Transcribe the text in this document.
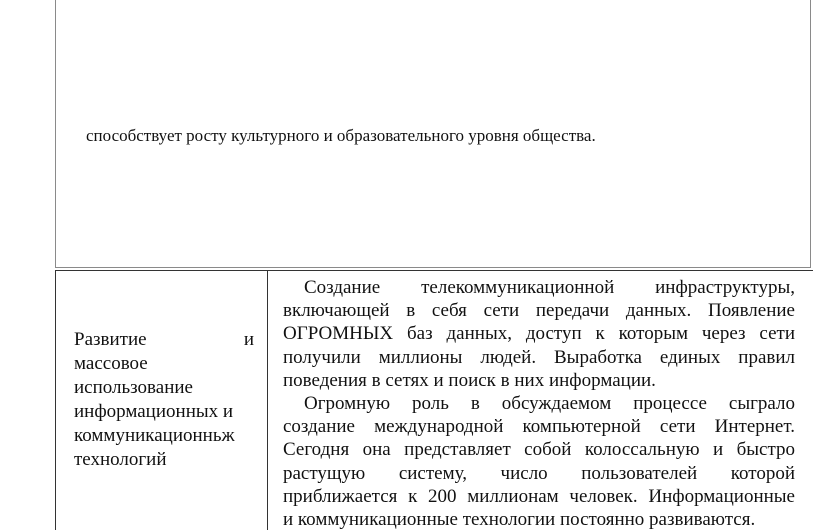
способствует росту культурного и образовательного уровня общества.
Развитие	и
массовое
использование
информационных и
коммуникационньж
технологий
Создание телекоммуникационной инфраструктуры,
включающей в себя сети передачи данных. Появление
ОГРОМНЫХ баз данных, доступ к которым через сети
получили миллионы людей. Выработка единых правил
поведения в сетях и поиск в них информации.
Огромную роль в обсуждаемом процессе сыграло
создание международной компьютерной сети Интернет.
Сегодня она представляет собой колоссальную и быстро
растущую систему, число пользователей которой
приближается к 200 миллионам человек. Информационные
и коммуникационные технологии постоянно развиваются.
